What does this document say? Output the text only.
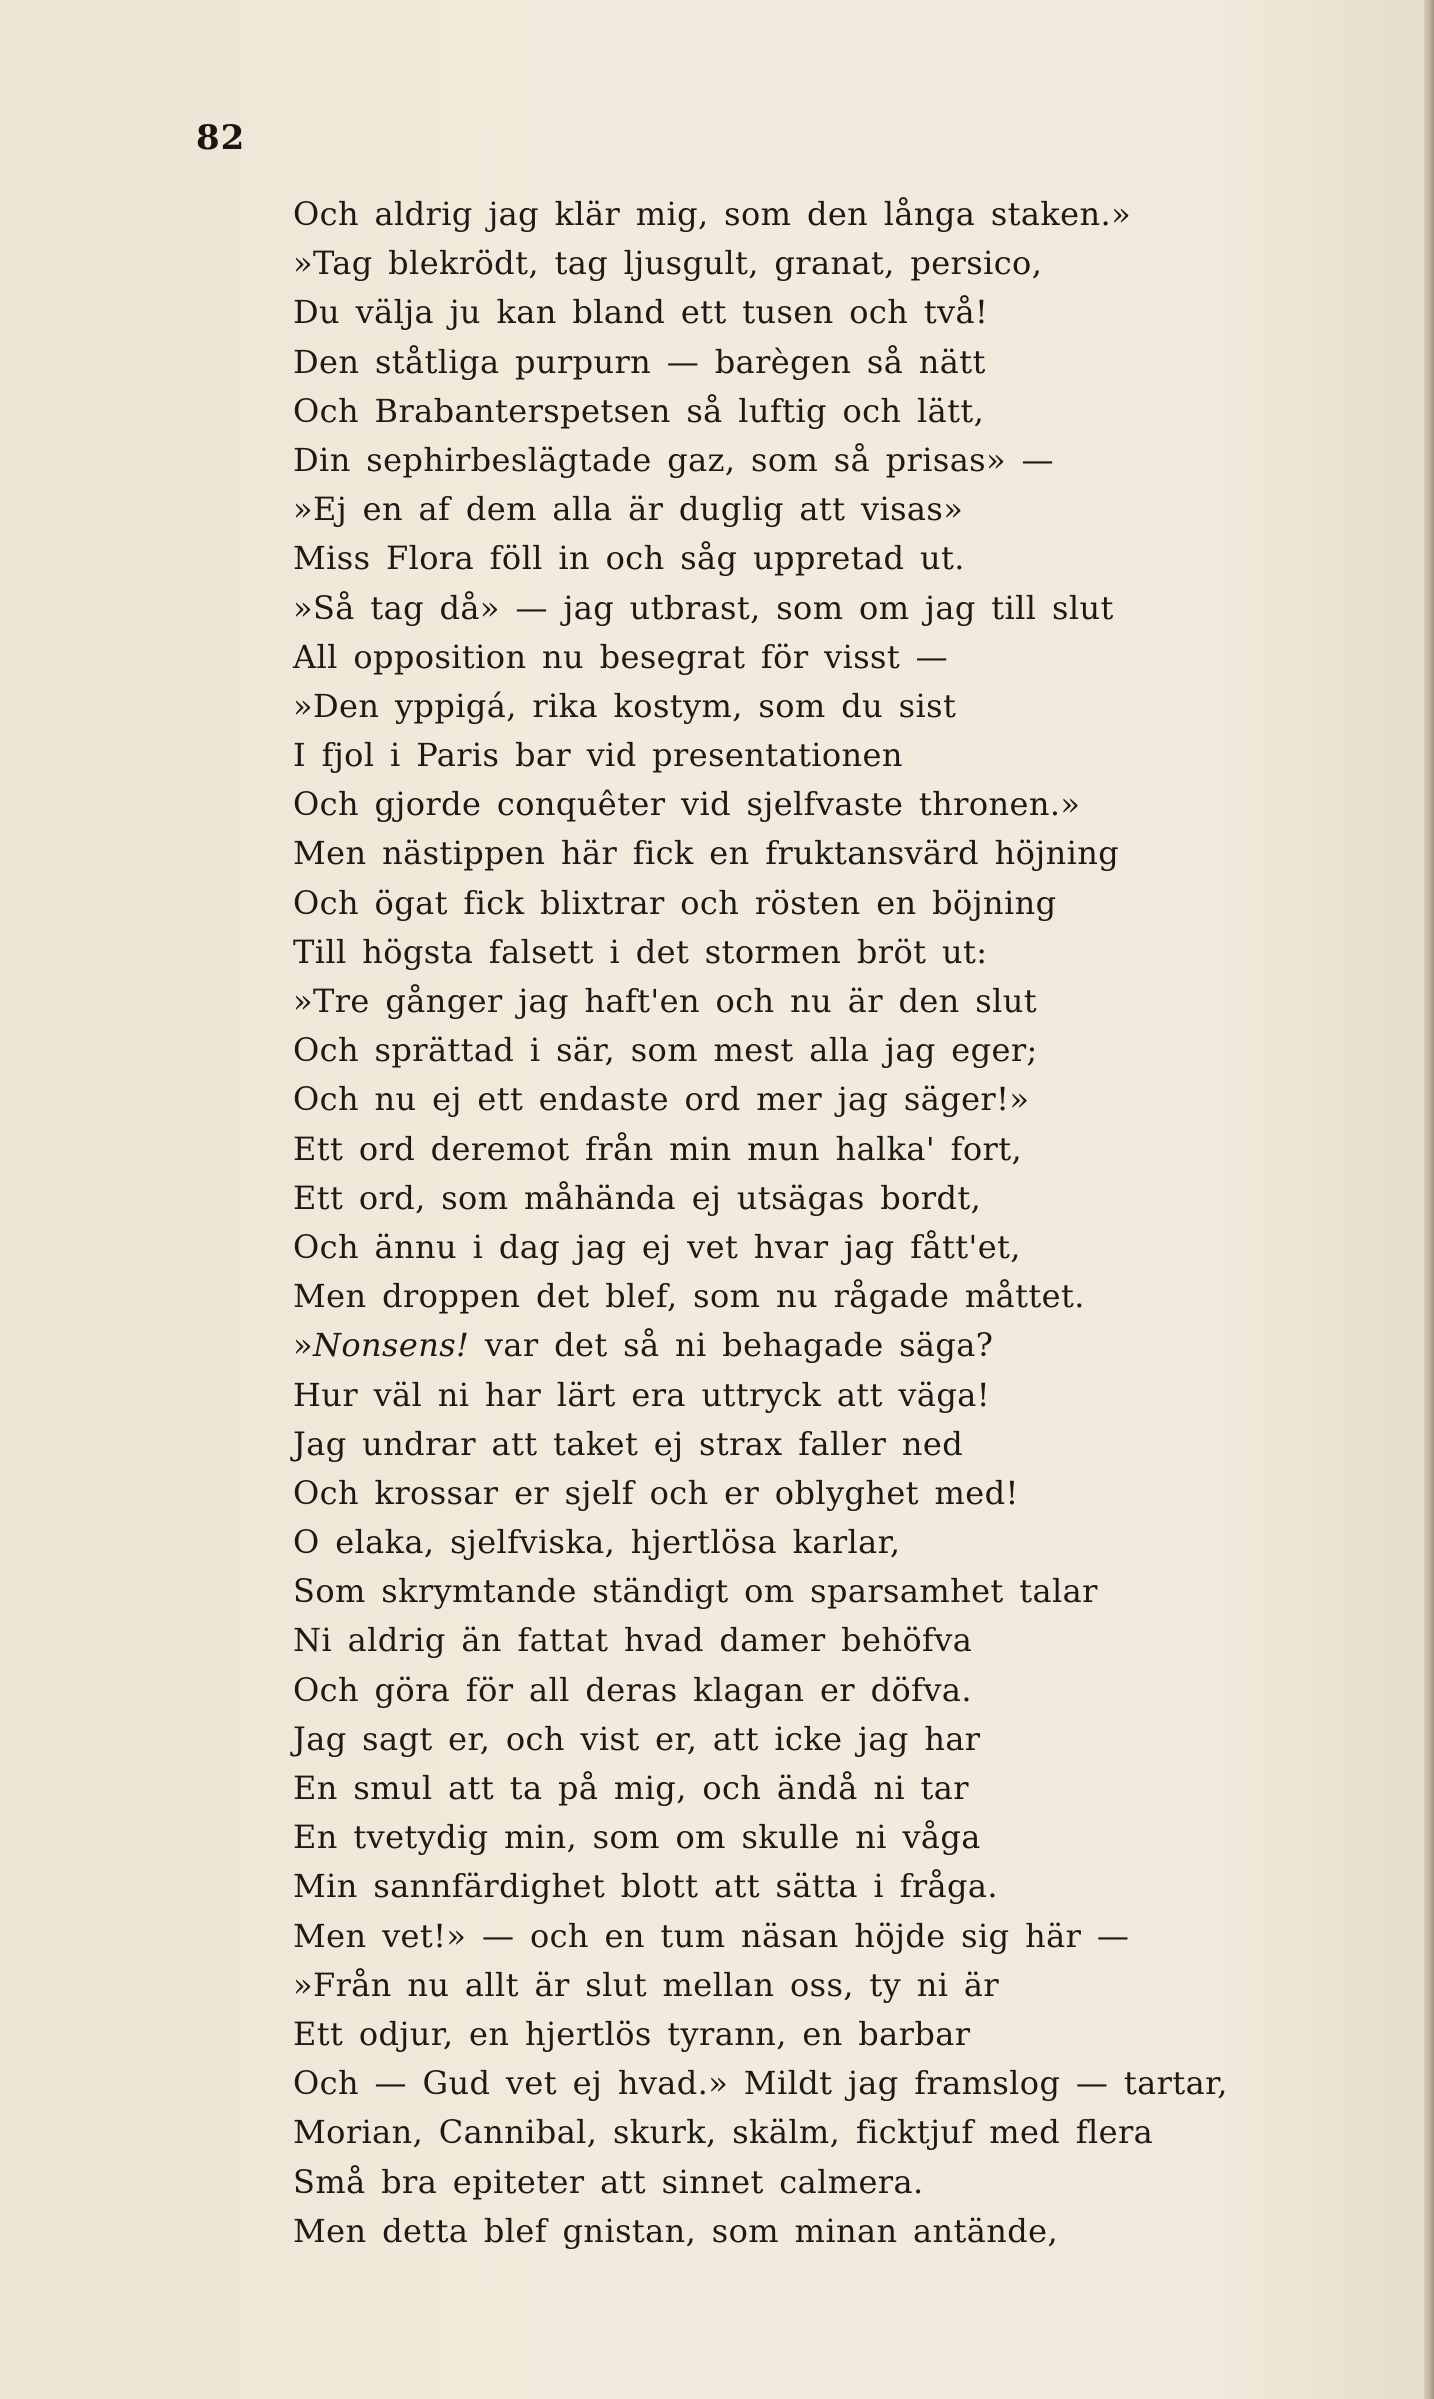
82
Och aldrig jag klär mig, som den långa staken.»
»Tag blekrödt, tag ljusgult, granat, persico,
Du välja ju kan bland ett tusen och två!
Den ståtliga purpurn — barègen så nätt
Och Brabanterspetsen så luftig och lätt,
Din sephirbeslägtade gaz, som så prisas» —
»Ej en af dem alla är duglig att visas»
Miss Flora föll in och såg uppretad ut.
»Så tag då» — jag utbrast, som om jag till slut
All opposition nu besegrat för visst —
»Den yppigá, rika kostym, som du sist
I fjol i Paris bar vid presentationen
Och gjorde conquêter vid sjelfvaste thronen.»
Men nästippen här fick en fruktansvärd höjning
Och ögat fick blixtrar och rösten en böjning
Till högsta falsett i det stormen bröt ut:
»Tre gånger jag haft'en och nu är den slut
Och sprättad i sär, som mest alla jag eger;
Och nu ej ett endaste ord mer jag säger!»
Ett ord deremot från min mun halka' fort,
Ett ord, som måhända ej utsägas bordt,
Och ännu i dag jag ej vet hvar jag fått'et,
Men droppen det blef, som nu rågade måttet.
»Nonsens! var det så ni behagade säga?
Hur väl ni har lärt era uttryck att väga!
Jag undrar att taket ej strax faller ned
Och krossar er sjelf och er oblyghet med!
O elaka, sjelfviska, hjertlösa karlar,
Som skrymtande ständigt om sparsamhet talar
Ni aldrig än fattat hvad damer behöfva
Och göra för all deras klagan er döfva.
Jag sagt er, och vist er, att icke jag har
En smul att ta på mig, och ändå ni tar
En tvetydig min, som om skulle ni våga
Min sannfärdighet blott att sätta i fråga.
Men vet!» — och en tum näsan höjde sig här —
»Från nu allt är slut mellan oss, ty ni är
Ett odjur, en hjertlös tyrann, en barbar
Och — Gud vet ej hvad.» Mildt jag framslog — tartar,
Morian, Cannibal, skurk, skälm, ficktjuf med flera
Små bra epiteter att sinnet calmera.
Men detta blef gnistan, som minan antände,
